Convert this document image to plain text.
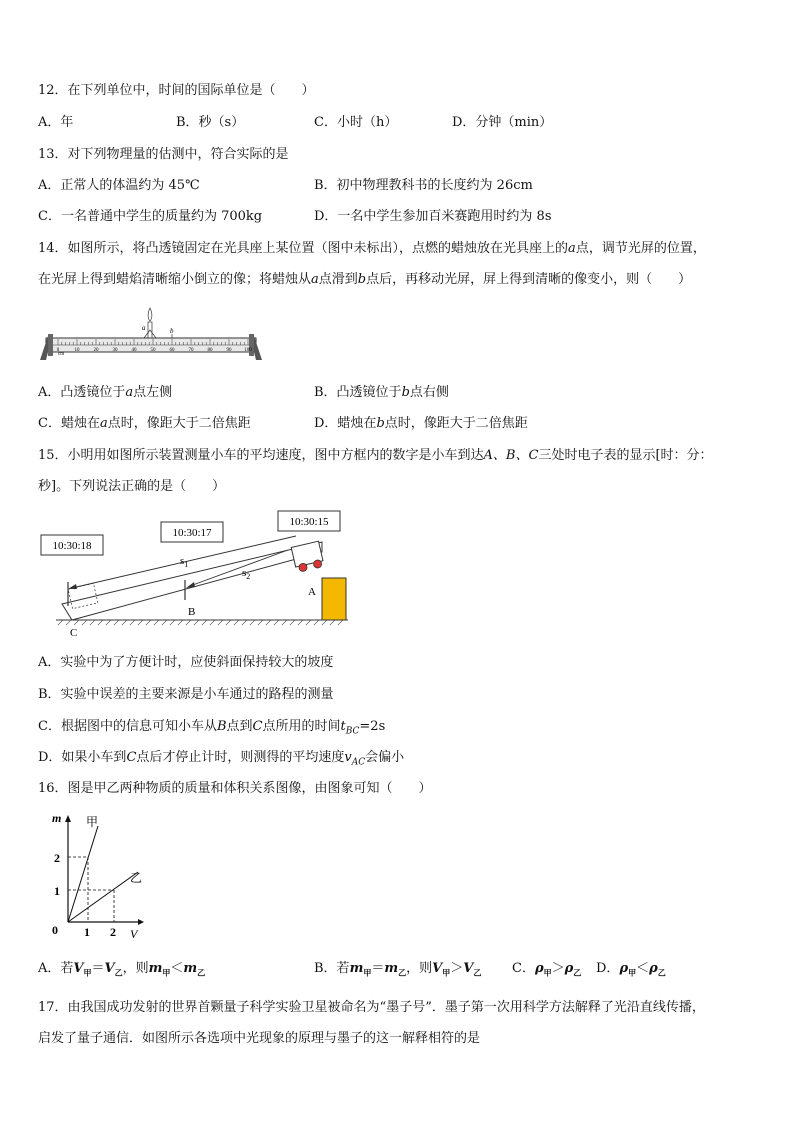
12．在下列单位中，时间的国际单位是（　　）
A．年	B．秒（s）	C．小时（h）	D．分钟（min）
13．对下列物理量的估测中，符合实际的是
A．正常人的体温约为 45℃	B．初中物理教科书的长度约为 26cm
C．一名普通中学生的质量约为 700kg	D．一名中学生参加百米赛跑用时约为 8s
14．如图所示，将凸透镜固定在光具座上某位置（图中未标出），点燃的蜡烛放在光具座上的a点，调节光屏的位置，
在光屏上得到蜡焰清晰缩小倒立的像；将蜡烛从a点滑到b点后，再移动光屏，屏上得到清晰的像变小，则（　　）
0	10	20	30	40	50	60	70	80	90	100
cm
a	b
A．凸透镜位于a点左侧	B．凸透镜位于b点右侧
C．蜡烛在a点时，像距大于二倍焦距	D．蜡烛在b点时，像距大于二倍焦距
15．小明用如图所示装置测量小车的平均速度，图中方框内的数字是小车到达A、B、C三处时电子表的显示[时：分：
秒]。下列说法正确的是（　　）
10:30:18
10:30:17
10:30:15
$s_1$
$s_2$
A
B
C
A．实验中为了方便计时，应使斜面保持较大的坡度
B．实验中误差的主要来源是小车通过的路程的测量
C．根据图中的信息可知小车从B点到C点所用的时间$t_{BC}=2s$
D．如果小车到C点后才停止计时，则测得的平均速度$v_{AC}$会偏小
16．图是甲乙两种物质的质量和体积关系图像，由图象可知（　　）
m
V
0
2
1
1 2
甲
乙
A．若$V_甲=V_乙$，则$m_甲<m_乙$	B．若$m_甲=m_乙$，则$V_甲>V_乙$ C．$\rho_甲>\rho_乙$ D．$\rho_甲<\rho_乙$
17．由我国成功发射的世界首颗量子科学实验卫星被命名为“墨子号”．墨子第一次用科学方法解释了光沿直线传播，
启发了量子通信．如图所示各选项中光现象的原理与墨子的这一解释相符的是
